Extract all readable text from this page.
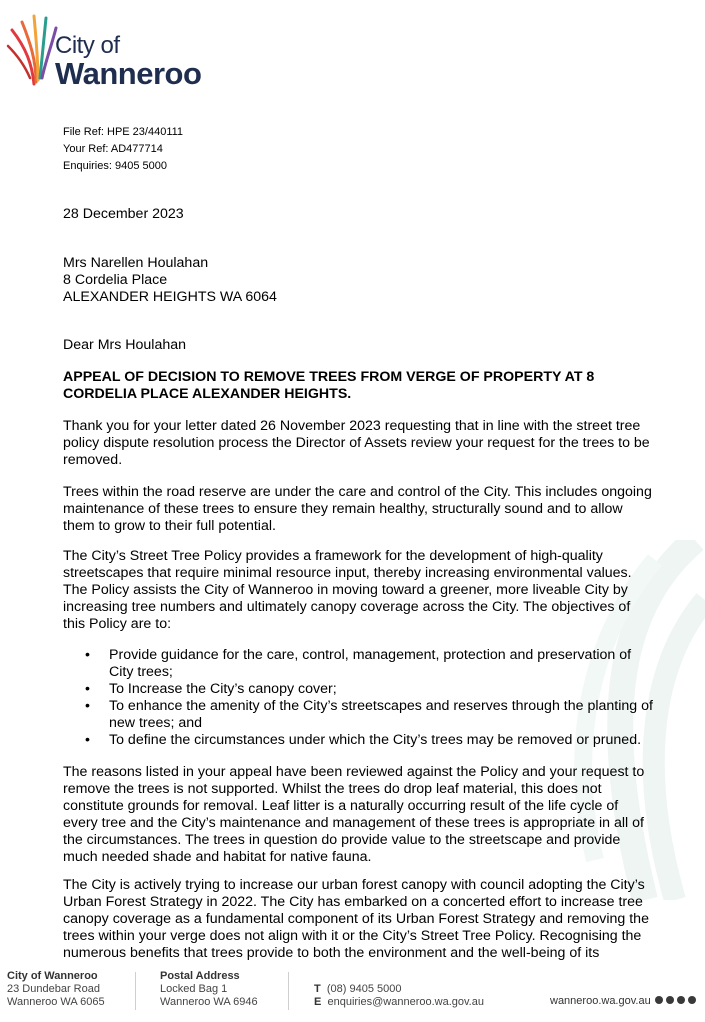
City of
Wanneroo
File Ref: HPE 23/440111
Your Ref: AD477714
Enquiries: 9405 5000
28 December 2023
Mrs Narellen Houlahan
8 Cordelia Place
ALEXANDER HEIGHTS WA 6064
Dear Mrs Houlahan
APPEAL OF DECISION TO REMOVE TREES FROM VERGE OF PROPERTY AT 8 CORDELIA PLACE ALEXANDER HEIGHTS.
Thank you for your letter dated 26 November 2023 requesting that in line with the street tree policy dispute resolution process the Director of Assets review your request for the trees to be removed.
Trees within the road reserve are under the care and control of the City. This includes ongoing maintenance of these trees to ensure they remain healthy, structurally sound and to allow them to grow to their full potential.
The City’s Street Tree Policy provides a framework for the development of high-quality streetscapes that require minimal resource input, thereby increasing environmental values. The Policy assists the City of Wanneroo in moving toward a greener, more liveable City by increasing tree numbers and ultimately canopy coverage across the City. The objectives of this Policy are to:
• Provide guidance for the care, control, management, protection and preservation of City trees;
• To Increase the City’s canopy cover;
• To enhance the amenity of the City’s streetscapes and reserves through the planting of new trees; and
• To define the circumstances under which the City’s trees may be removed or pruned.
The reasons listed in your appeal have been reviewed against the Policy and your request to remove the trees is not supported. Whilst the trees do drop leaf material, this does not constitute grounds for removal. Leaf litter is a naturally occurring result of the life cycle of every tree and the City’s maintenance and management of these trees is appropriate in all of the circumstances. The trees in question do provide value to the streetscape and provide much needed shade and habitat for native fauna.
The City is actively trying to increase our urban forest canopy with council adopting the City’s Urban Forest Strategy in 2022. The City has embarked on a concerted effort to increase tree canopy coverage as a fundamental component of its Urban Forest Strategy and removing the trees within your verge does not align with it or the City’s Street Tree Policy. Recognising the numerous benefits that trees provide to both the environment and the well-being of its
City of Wanneroo
23 Dundebar Road
Wanneroo WA 6065
Postal Address
Locked Bag 1
Wanneroo WA 6946
T (08) 9405 5000
E enquiries@wanneroo.wa.gov.au	wanneroo.wa.gov.au
